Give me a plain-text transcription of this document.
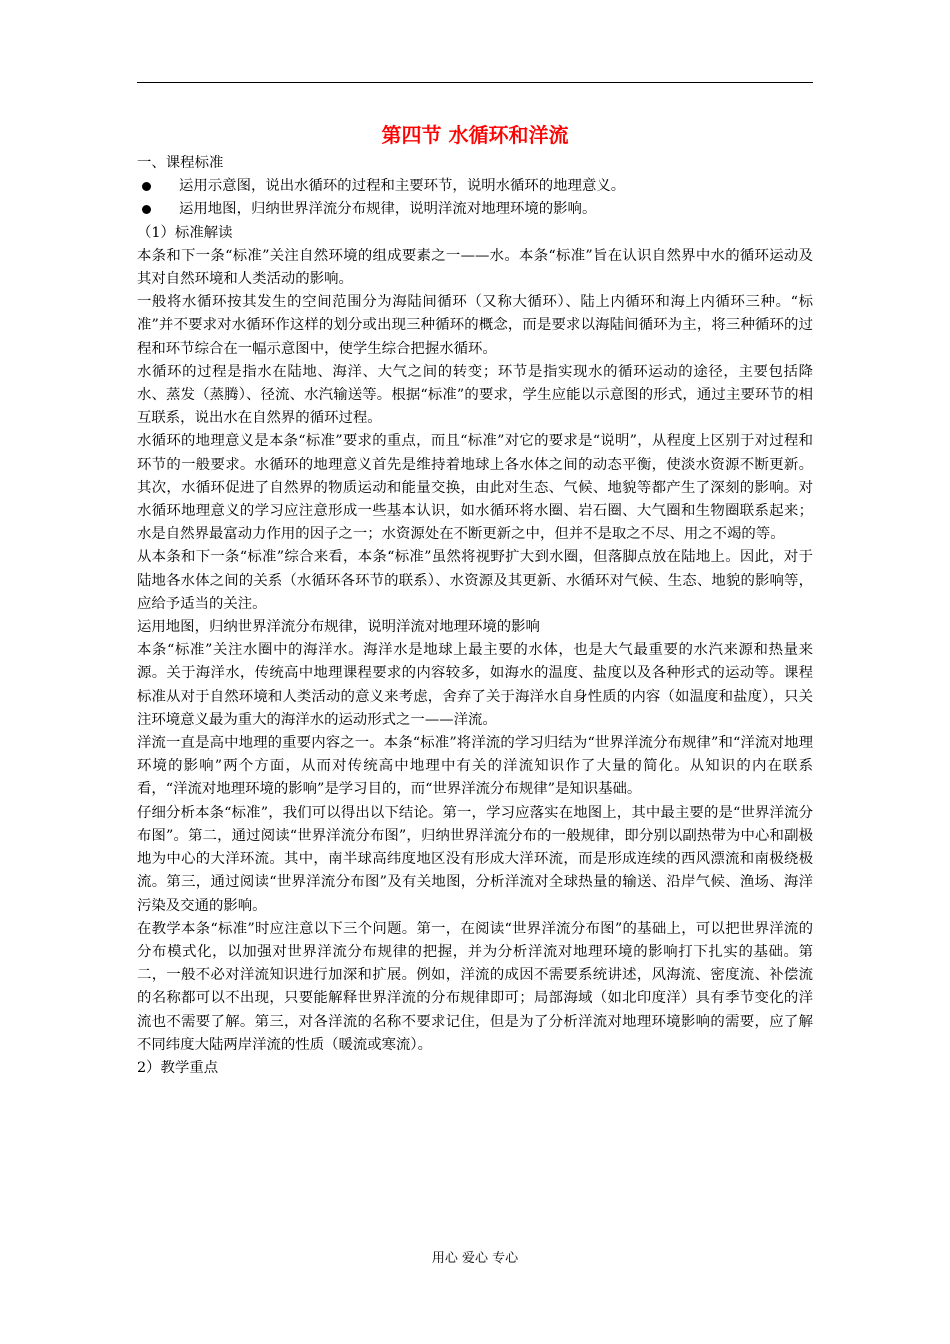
第四节 水循环和洋流

一、课程标准

运用示意图，说出水循环的过程和主要环节，说明水循环的地理意义。
运用地图，归纳世界洋流分布规律，说明洋流对地理环境的影响。

（1）标准解读

本条和下一条“标准”关注自然环境的组成要素之一——水。本条“标准”旨在认识自然界中水的循环运动及其对自然环境和人类活动的影响。

一般将水循环按其发生的空间范围分为海陆间循环（又称大循环）、陆上内循环和海上内循环三种。“标准”并不要求对水循环作这样的划分或出现三种循环的概念，而是要求以海陆间循环为主，将三种循环的过程和环节综合在一幅示意图中，使学生综合把握水循环。

水循环的过程是指水在陆地、海洋、大气之间的转变；环节是指实现水的循环运动的途径，主要包括降水、蒸发（蒸腾）、径流、水汽输送等。根据“标准”的要求，学生应能以示意图的形式，通过主要环节的相互联系，说出水在自然界的循环过程。

水循环的地理意义是本条“标准”要求的重点，而且“标准”对它的要求是“说明”，从程度上区别于对过程和环节的一般要求。水循环的地理意义首先是维持着地球上各水体之间的动态平衡，使淡水资源不断更新。其次，水循环促进了自然界的物质运动和能量交换，由此对生态、气候、地貌等都产生了深刻的影响。对水循环地理意义的学习应注意形成一些基本认识，如水循环将水圈、岩石圈、大气圈和生物圈联系起来；水是自然界最富动力作用的因子之一；水资源处在不断更新之中，但并不是取之不尽、用之不竭的等。

从本条和下一条“标准”综合来看，本条“标准”虽然将视野扩大到水圈，但落脚点放在陆地上。因此，对于陆地各水体之间的关系（水循环各环节的联系）、水资源及其更新、水循环对气候、生态、地貌的影响等，应给予适当的关注。

运用地图，归纳世界洋流分布规律，说明洋流对地理环境的影响

本条“标准”关注水圈中的海洋水。海洋水是地球上最主要的水体，也是大气最重要的水汽来源和热量来源。关于海洋水，传统高中地理课程要求的内容较多，如海水的温度、盐度以及各种形式的运动等。课程标准从对于自然环境和人类活动的意义来考虑，舍弃了关于海洋水自身性质的内容（如温度和盐度），只关注环境意义最为重大的海洋水的运动形式之一——洋流。

洋流一直是高中地理的重要内容之一。本条“标准”将洋流的学习归结为“世界洋流分布规律”和“洋流对地理环境的影响”两个方面，从而对传统高中地理中有关的洋流知识作了大量的简化。从知识的内在联系看，“洋流对地理环境的影响”是学习目的，而“世界洋流分布规律”是知识基础。

仔细分析本条“标准”，我们可以得出以下结论。第一，学习应落实在地图上，其中最主要的是“世界洋流分布图”。第二，通过阅读“世界洋流分布图”，归纳世界洋流分布的一般规律，即分别以副热带为中心和副极地为中心的大洋环流。其中，南半球高纬度地区没有形成大洋环流，而是形成连续的西风漂流和南极绕极流。第三，通过阅读“世界洋流分布图”及有关地图，分析洋流对全球热量的输送、沿岸气候、渔场、海洋污染及交通的影响。

在教学本条“标准”时应注意以下三个问题。第一，在阅读“世界洋流分布图”的基础上，可以把世界洋流的分布模式化，以加强对世界洋流分布规律的把握，并为分析洋流对地理环境的影响打下扎实的基础。第二，一般不必对洋流知识进行加深和扩展。例如，洋流的成因不需要系统讲述，风海流、密度流、补偿流的名称都可以不出现，只要能解释世界洋流的分布规律即可；局部海域（如北印度洋）具有季节变化的洋流也不需要了解。第三，对各洋流的名称不要求记住，但是为了分析洋流对地理环境影响的需要，应了解不同纬度大陆两岸洋流的性质（暖流或寒流）。

2）教学重点

用心 爱心 专心
